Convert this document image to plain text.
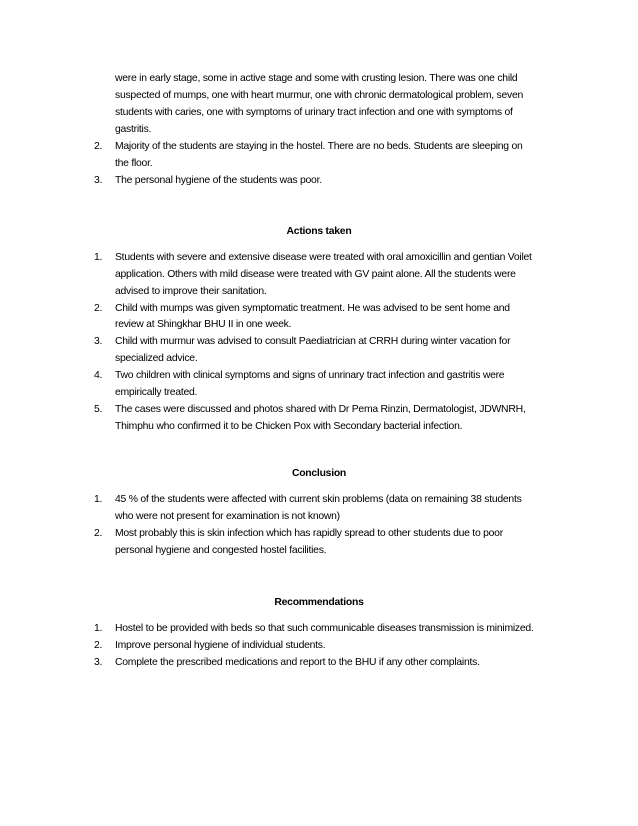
were in early stage, some in active stage and some with crusting lesion. There was one child
suspected of mumps, one with heart murmur, one with chronic dermatological problem, seven
students with caries, one with symptoms of urinary tract infection and one with symptoms of
gastritis.
2. Majority of the students are staying in the hostel. There are no beds. Students are sleeping on
the floor.
3. The personal hygiene of the students was poor.
Actions taken
1. Students with severe and extensive disease were treated with oral amoxicillin and gentian Voilet
application. Others with mild disease were treated with GV paint alone. All the students were
advised to improve their sanitation.
2. Child with mumps was given symptomatic treatment. He was advised to be sent home and
review at Shingkhar BHU II in one week.
3. Child with murmur was advised to consult Paediatrician at CRRH during winter vacation for
specialized advice.
4. Two children with clinical symptoms and signs of unrinary tract infection and gastritis were
empirically treated.
5. The cases were discussed and photos shared with Dr Pema Rinzin, Dermatologist, JDWNRH,
Thimphu who confirmed it to be Chicken Pox with Secondary bacterial infection.
Conclusion
1. 45 % of the students were affected with current skin problems (data on remaining 38 students
who were not present for examination is not known)
2. Most probably this is skin infection which has rapidly spread to other students due to poor
personal hygiene and congested hostel facilities.
Recommendations
1. Hostel to be provided with beds so that such communicable diseases transmission is minimized.
2. Improve personal hygiene of individual students.
3. Complete the prescribed medications and report to the BHU if any other complaints.
